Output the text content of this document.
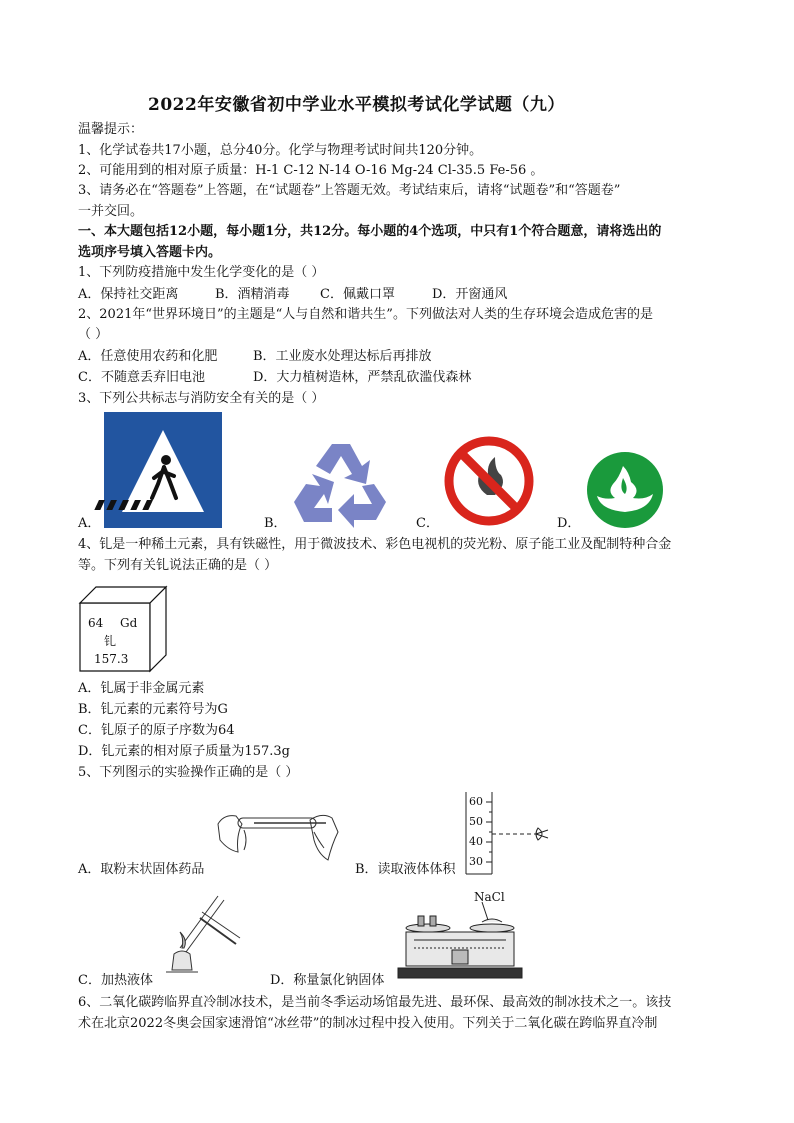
2022年安徽省初中学业水平模拟考试化学试题（九）
温馨提示：
1、化学试卷共17小题，总分40分。化学与物理考试时间共120分钟。
2、可能用到的相对原子质量：H-1 C-12 N-14 O-16 Mg-24 Cl-35.5 Fe-56 。
3、请务必在“答题卷”上答题，在“试题卷”上答题无效。考试结束后，请将“试题卷”和“答题卷”
一并交回。
一、本大题包括12小题，每小题1分，共12分。每小题的4个选项，中只有1个符合题意，请将选出的
选项序号填入答题卡内。
1、下列防疫措施中发生化学变化的是（ ）
A．保持社交距离	B．酒精消毒 C．佩戴口罩	D．开窗通风
2、2021年“世界环境日”的主题是“人与自然和谐共生”。下列做法对人类的生存环境会造成危害的是
（ ）
A．任意使用农药和化肥	B．工业废水处理达标后再排放
C．不随意丢弃旧电池	D．大力植树造林，严禁乱砍滥伐森林
3、下列公共标志与消防安全有关的是（ ）
A．	B．	C．	D．
4、钆是一种稀土元素，具有铁磁性，用于微波技术、彩色电视机的荧光粉、原子能工业及配制特种合金
等。下列有关钆说法正确的是（ ）
64 Gd
钆
157.3
A．钆属于非金属元素
B．钆元素的元素符号为G
C．钆原子的原子序数为64
D．钆元素的相对原子质量为157.3g
5、下列图示的实验操作正确的是（ ）
A．取粉末状固体药品
60
50
40
30
B．读取液体体积
C．加热液体
NaCl
D．称量氯化钠固体
6、二氧化碳跨临界直冷制冰技术，是当前冬季运动场馆最先进、最环保、最高效的制冰技术之一。该技
术在北京2022冬奥会国家速滑馆“冰丝带”的制冰过程中投入使用。下列关于二氧化碳在跨临界直冷制
